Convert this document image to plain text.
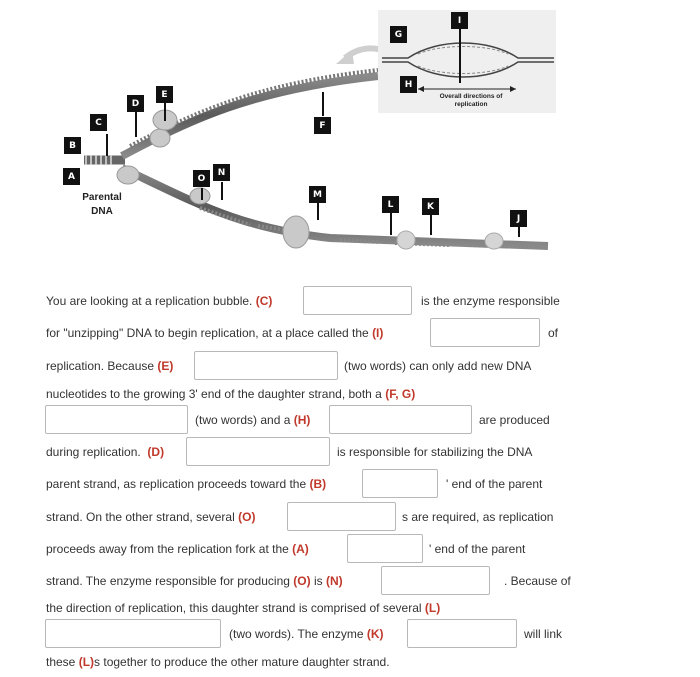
Overall directions of
replication
A
B
C
D
E
F
G
H
I
J
K
L
M
N
O
Parental
DNA
You are looking at a replication bubble. (C)	is the enzyme responsible
for "unzipping" DNA to begin replication, at a place called the (I)	of
replication. Because (E)	(two words) can only add new DNA
nucleotides to the growing 3' end of the daughter strand, both a (F, G)
(two words) and a (H)	are produced
during replication. (D)	is responsible for stabilizing the DNA
parent strand, as replication proceeds toward the (B)	' end of the parent
strand. On the other strand, several (O)	s are required, as replication
proceeds away from the replication fork at the (A)	' end of the parent
strand. The enzyme responsible for producing (O) is (N)	. Because of
the direction of replication, this daughter strand is comprised of several (L)
(two words). The enzyme (K)	will link
these (L)s together to produce the other mature daughter strand.
